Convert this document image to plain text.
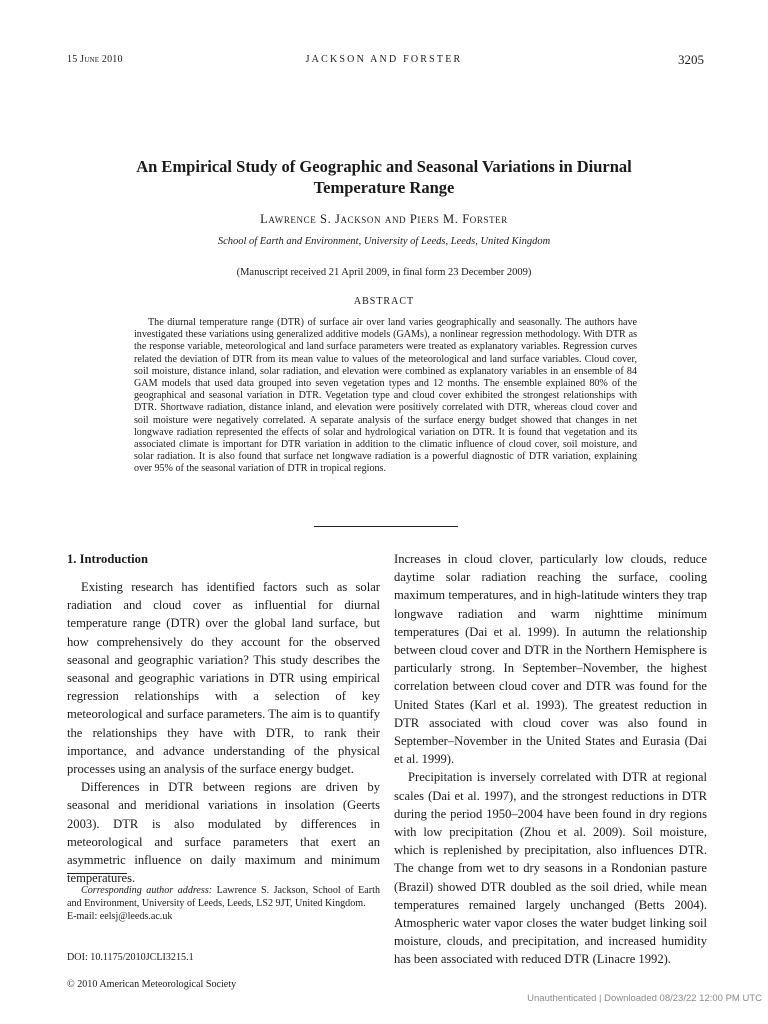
15 June 2010	JACKSON AND FORSTER	3205
An Empirical Study of Geographic and Seasonal Variations in Diurnal Temperature Range
Lawrence S. Jackson and Piers M. Forster
School of Earth and Environment, University of Leeds, Leeds, United Kingdom
(Manuscript received 21 April 2009, in final form 23 December 2009)
ABSTRACT

The diurnal temperature range (DTR) of surface air over land varies geographically and seasonally. The authors have investigated these variations using generalized additive models (GAMs), a nonlinear regression methodology. With DTR as the response variable, meteorological and land surface parameters were treated as explanatory variables. Regression curves related the deviation of DTR from its mean value to values of the meteorological and land surface variables. Cloud cover, soil moisture, distance inland, solar radiation, and elevation were combined as explanatory variables in an ensemble of 84 GAM models that used data grouped into seven vegetation types and 12 months. The ensemble explained 80% of the geographical and seasonal variation in DTR. Vegetation type and cloud cover exhibited the strongest relationships with DTR. Shortwave radiation, distance inland, and elevation were positively correlated with DTR, whereas cloud cover and soil moisture were negatively correlated. A separate analysis of the surface energy budget showed that changes in net longwave radiation represented the effects of solar and hydrological variation on DTR. It is found that vegetation and its associated climate is important for DTR variation in addition to the climatic influence of cloud cover, soil moisture, and solar radiation. It is also found that surface net longwave radiation is a powerful diagnostic of DTR variation, explaining over 95% of the seasonal variation of DTR in tropical regions.

1. Introduction

Existing research has identified factors such as solar radiation and cloud cover as influential for diurnal temperature range (DTR) over the global land surface, but how comprehensively do they account for the observed seasonal and geographic variation? This study describes the seasonal and geographic variations in DTR using empirical regression relationships with a selection of key meteorological and surface parameters. The aim is to quantify the relationships they have with DTR, to rank their importance, and advance understanding of the physical processes using an analysis of the surface energy budget.

Differences in DTR between regions are driven by seasonal and meridional variations in insolation (Geerts 2003). DTR is also modulated by differences in meteorological and surface parameters that exert an asymmetric influence on daily maximum and minimum temperatures.

Increases in cloud clover, particularly low clouds, reduce daytime solar radiation reaching the surface, cooling maximum temperatures, and in high-latitude winters they trap longwave radiation and warm nighttime minimum temperatures (Dai et al. 1999). In autumn the relationship between cloud cover and DTR in the Northern Hemisphere is particularly strong. In September–November, the highest correlation between cloud cover and DTR was found for the United States (Karl et al. 1993). The greatest reduction in DTR associated with cloud cover was also found in September–November in the United States and Eurasia (Dai et al. 1999).

Precipitation is inversely correlated with DTR at regional scales (Dai et al. 1997), and the strongest reductions in DTR during the period 1950–2004 have been found in dry regions with low precipitation (Zhou et al. 2009). Soil moisture, which is replenished by precipitation, also influences DTR. The change from wet to dry seasons in a Rondonian pasture (Brazil) showed DTR doubled as the soil dried, while mean temperatures remained largely unchanged (Betts 2004). Atmospheric water vapor closes the water budget linking soil moisture, clouds, and precipitation, and increased humidity has been associated with reduced DTR (Linacre 1992).

Corresponding author address: Lawrence S. Jackson, School of Earth and Environment, University of Leeds, Leeds, LS2 9JT, United Kingdom.

E-mail: eelsj@leeds.ac.uk

DOI: 10.1175/2010JCLI3215.1
© 2010 American Meteorological Society
Unauthenticated | Downloaded 08/23/22 12:00 PM UTC
